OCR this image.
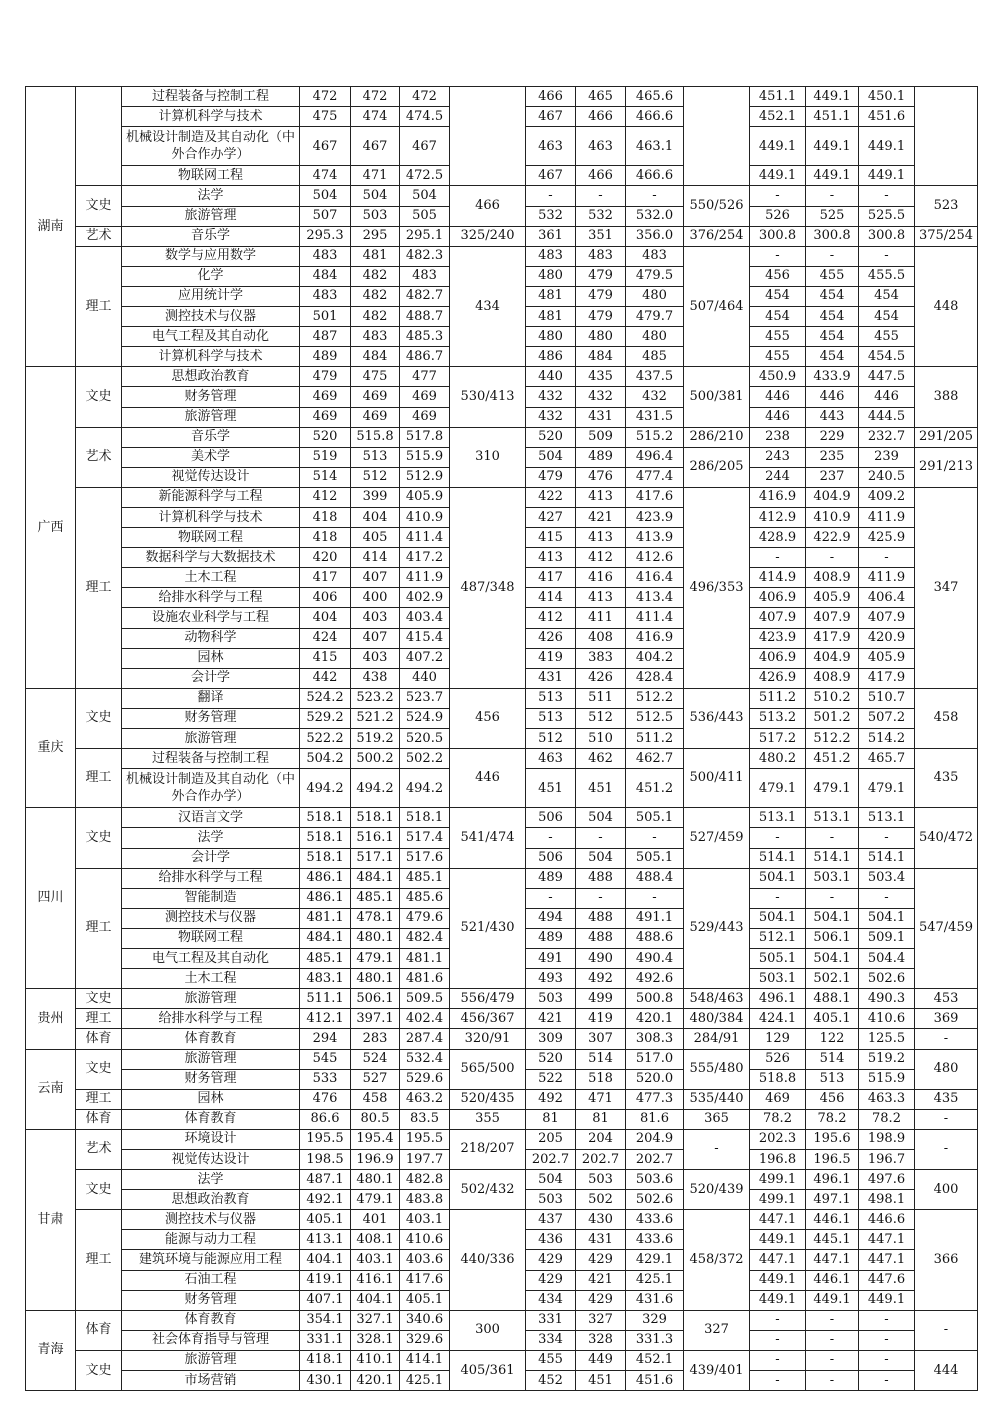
湖南		过程装备与控制工程	472	472	472		466	465	465.6		451.1	449.1	450.1	
		计算机科学与技术	475	474	474.5		467	466	466.6		452.1	451.1	451.6	
		机械设计制造及其自动化（中外合作办学）	467	467	467		463	463	463.1		449.1	449.1	449.1	
		物联网工程	474	471	472.5		467	466	466.6		449.1	449.1	449.1	
	文史	法学	504	504	504	466	-	-	-	550/526	-	-	-	523
		旅游管理	507	503	505		532	532	532.0		526	525	525.5	
	艺术	音乐学	295.3	295	295.1	325/240	361	351	356.0	376/254	300.8	300.8	300.8	375/254
	理工	数学与应用数学	483	481	482.3	434	483	483	483	507/464	-	-	-	448
		化学	484	482	483		480	479	479.5		456	455	455.5	
		应用统计学	483	482	482.7		481	479	480		454	454	454	
		测控技术与仪器	501	482	488.7		481	479	479.7		454	454	454	
		电气工程及其自动化	487	483	485.3		480	480	480		455	454	455	
		计算机科学与技术	489	484	486.7		486	484	485		455	454	454.5	
广西	文史	思想政治教育	479	475	477	530/413	440	435	437.5	500/381	450.9	433.9	447.5	388
		财务管理	469	469	469		432	432	432		446	446	446	
		旅游管理	469	469	469		432	431	431.5		446	443	444.5	
	艺术	音乐学	520	515.8	517.8	310	520	509	515.2	286/210	238	229	232.7	291/205
		美术学	519	513	515.9		504	489	496.4	286/205	243	235	239	291/213
		视觉传达设计	514	512	512.9		479	476	477.4		244	237	240.5	
	理工	新能源科学与工程	412	399	405.9	487/348	422	413	417.6	496/353	416.9	404.9	409.2	347
		计算机科学与技术	418	404	410.9		427	421	423.9		412.9	410.9	411.9	
		物联网工程	418	405	411.4		415	413	413.9		428.9	422.9	425.9	
		数据科学与大数据技术	420	414	417.2		413	412	412.6		-	-	-	
		土木工程	417	407	411.9		417	416	416.4		414.9	408.9	411.9	
		给排水科学与工程	406	400	402.9		414	413	413.4		406.9	405.9	406.4	
		设施农业科学与工程	404	403	403.4		412	411	411.4		407.9	407.9	407.9	
		动物科学	424	407	415.4		426	408	416.9		423.9	417.9	420.9	
		园林	415	403	407.2		419	383	404.2		406.9	404.9	405.9	
		会计学	442	438	440		431	426	428.4		426.9	408.9	417.9	
重庆	文史	翻译	524.2	523.2	523.7	456	513	511	512.2	536/443	511.2	510.2	510.7	458
		财务管理	529.2	521.2	524.9		513	512	512.5		513.2	501.2	507.2	
		旅游管理	522.2	519.2	520.5		512	510	511.2		517.2	512.2	514.2	
	理工	过程装备与控制工程	504.2	500.2	502.2	446	463	462	462.7	500/411	480.2	451.2	465.7	435
		机械设计制造及其自动化（中外合作办学）	494.2	494.2	494.2		451	451	451.2		479.1	479.1	479.1	
四川	文史	汉语言文学	518.1	518.1	518.1	541/474	506	504	505.1	527/459	513.1	513.1	513.1	540/472
		法学	518.1	516.1	517.4		-	-	-		-	-	-	
		会计学	518.1	517.1	517.6		506	504	505.1		514.1	514.1	514.1	
	理工	给排水科学与工程	486.1	484.1	485.1	521/430	489	488	488.4	529/443	504.1	503.1	503.4	547/459
		智能制造	486.1	485.1	485.6		-	-	-		-	-	-	
		测控技术与仪器	481.1	478.1	479.6		494	488	491.1		504.1	504.1	504.1	
		物联网工程	484.1	480.1	482.4		489	488	488.6		512.1	506.1	509.1	
		电气工程及其自动化	485.1	479.1	481.1		491	490	490.4		505.1	504.1	504.4	
		土木工程	483.1	480.1	481.6		493	492	492.6		503.1	502.1	502.6	
贵州	文史	旅游管理	511.1	506.1	509.5	556/479	503	499	500.8	548/463	496.1	488.1	490.3	453
	理工	给排水科学与工程	412.1	397.1	402.4	456/367	421	419	420.1	480/384	424.1	405.1	410.6	369
	体育	体育教育	294	283	287.4	320/91	309	307	308.3	284/91	129	122	125.5	-
云南	文史	旅游管理	545	524	532.4	565/500	520	514	517.0	555/480	526	514	519.2	480
		财务管理	533	527	529.6		522	518	520.0		518.8	513	515.9	
	理工	园林	476	458	463.2	520/435	492	471	477.3	535/440	469	456	463.3	435
	体育	体育教育	86.6	80.5	83.5	355	81	81	81.6	365	78.2	78.2	78.2	-
甘肃	艺术	环境设计	195.5	195.4	195.5	218/207	205	204	204.9	-	202.3	195.6	198.9	-
		视觉传达设计	198.5	196.9	197.7		202.7	202.7	202.7		196.8	196.5	196.7	
	文史	法学	487.1	480.1	482.8	502/432	504	503	503.6	520/439	499.1	496.1	497.6	400
		思想政治教育	492.1	479.1	483.8		503	502	502.6		499.1	497.1	498.1	
	理工	测控技术与仪器	405.1	401	403.1	440/336	437	430	433.6	458/372	447.1	446.1	446.6	366
		能源与动力工程	413.1	408.1	410.6		436	431	433.6		449.1	445.1	447.1	
		建筑环境与能源应用工程	404.1	403.1	403.6		429	429	429.1		447.1	447.1	447.1	
		石油工程	419.1	416.1	417.6		429	421	425.1		449.1	446.1	447.6	
		财务管理	407.1	404.1	405.1		434	429	431.6		449.1	449.1	449.1	
青海	体育	体育教育	354.1	327.1	340.6	300	331	327	329	327	-	-	-	-
		社会体育指导与管理	331.1	328.1	329.6		334	328	331.3		-	-	-	
	文史	旅游管理	418.1	410.1	414.1	405/361	455	449	452.1	439/401	-	-	-	444
		市场营销	430.1	420.1	425.1		452	451	451.6		-	-	-	
